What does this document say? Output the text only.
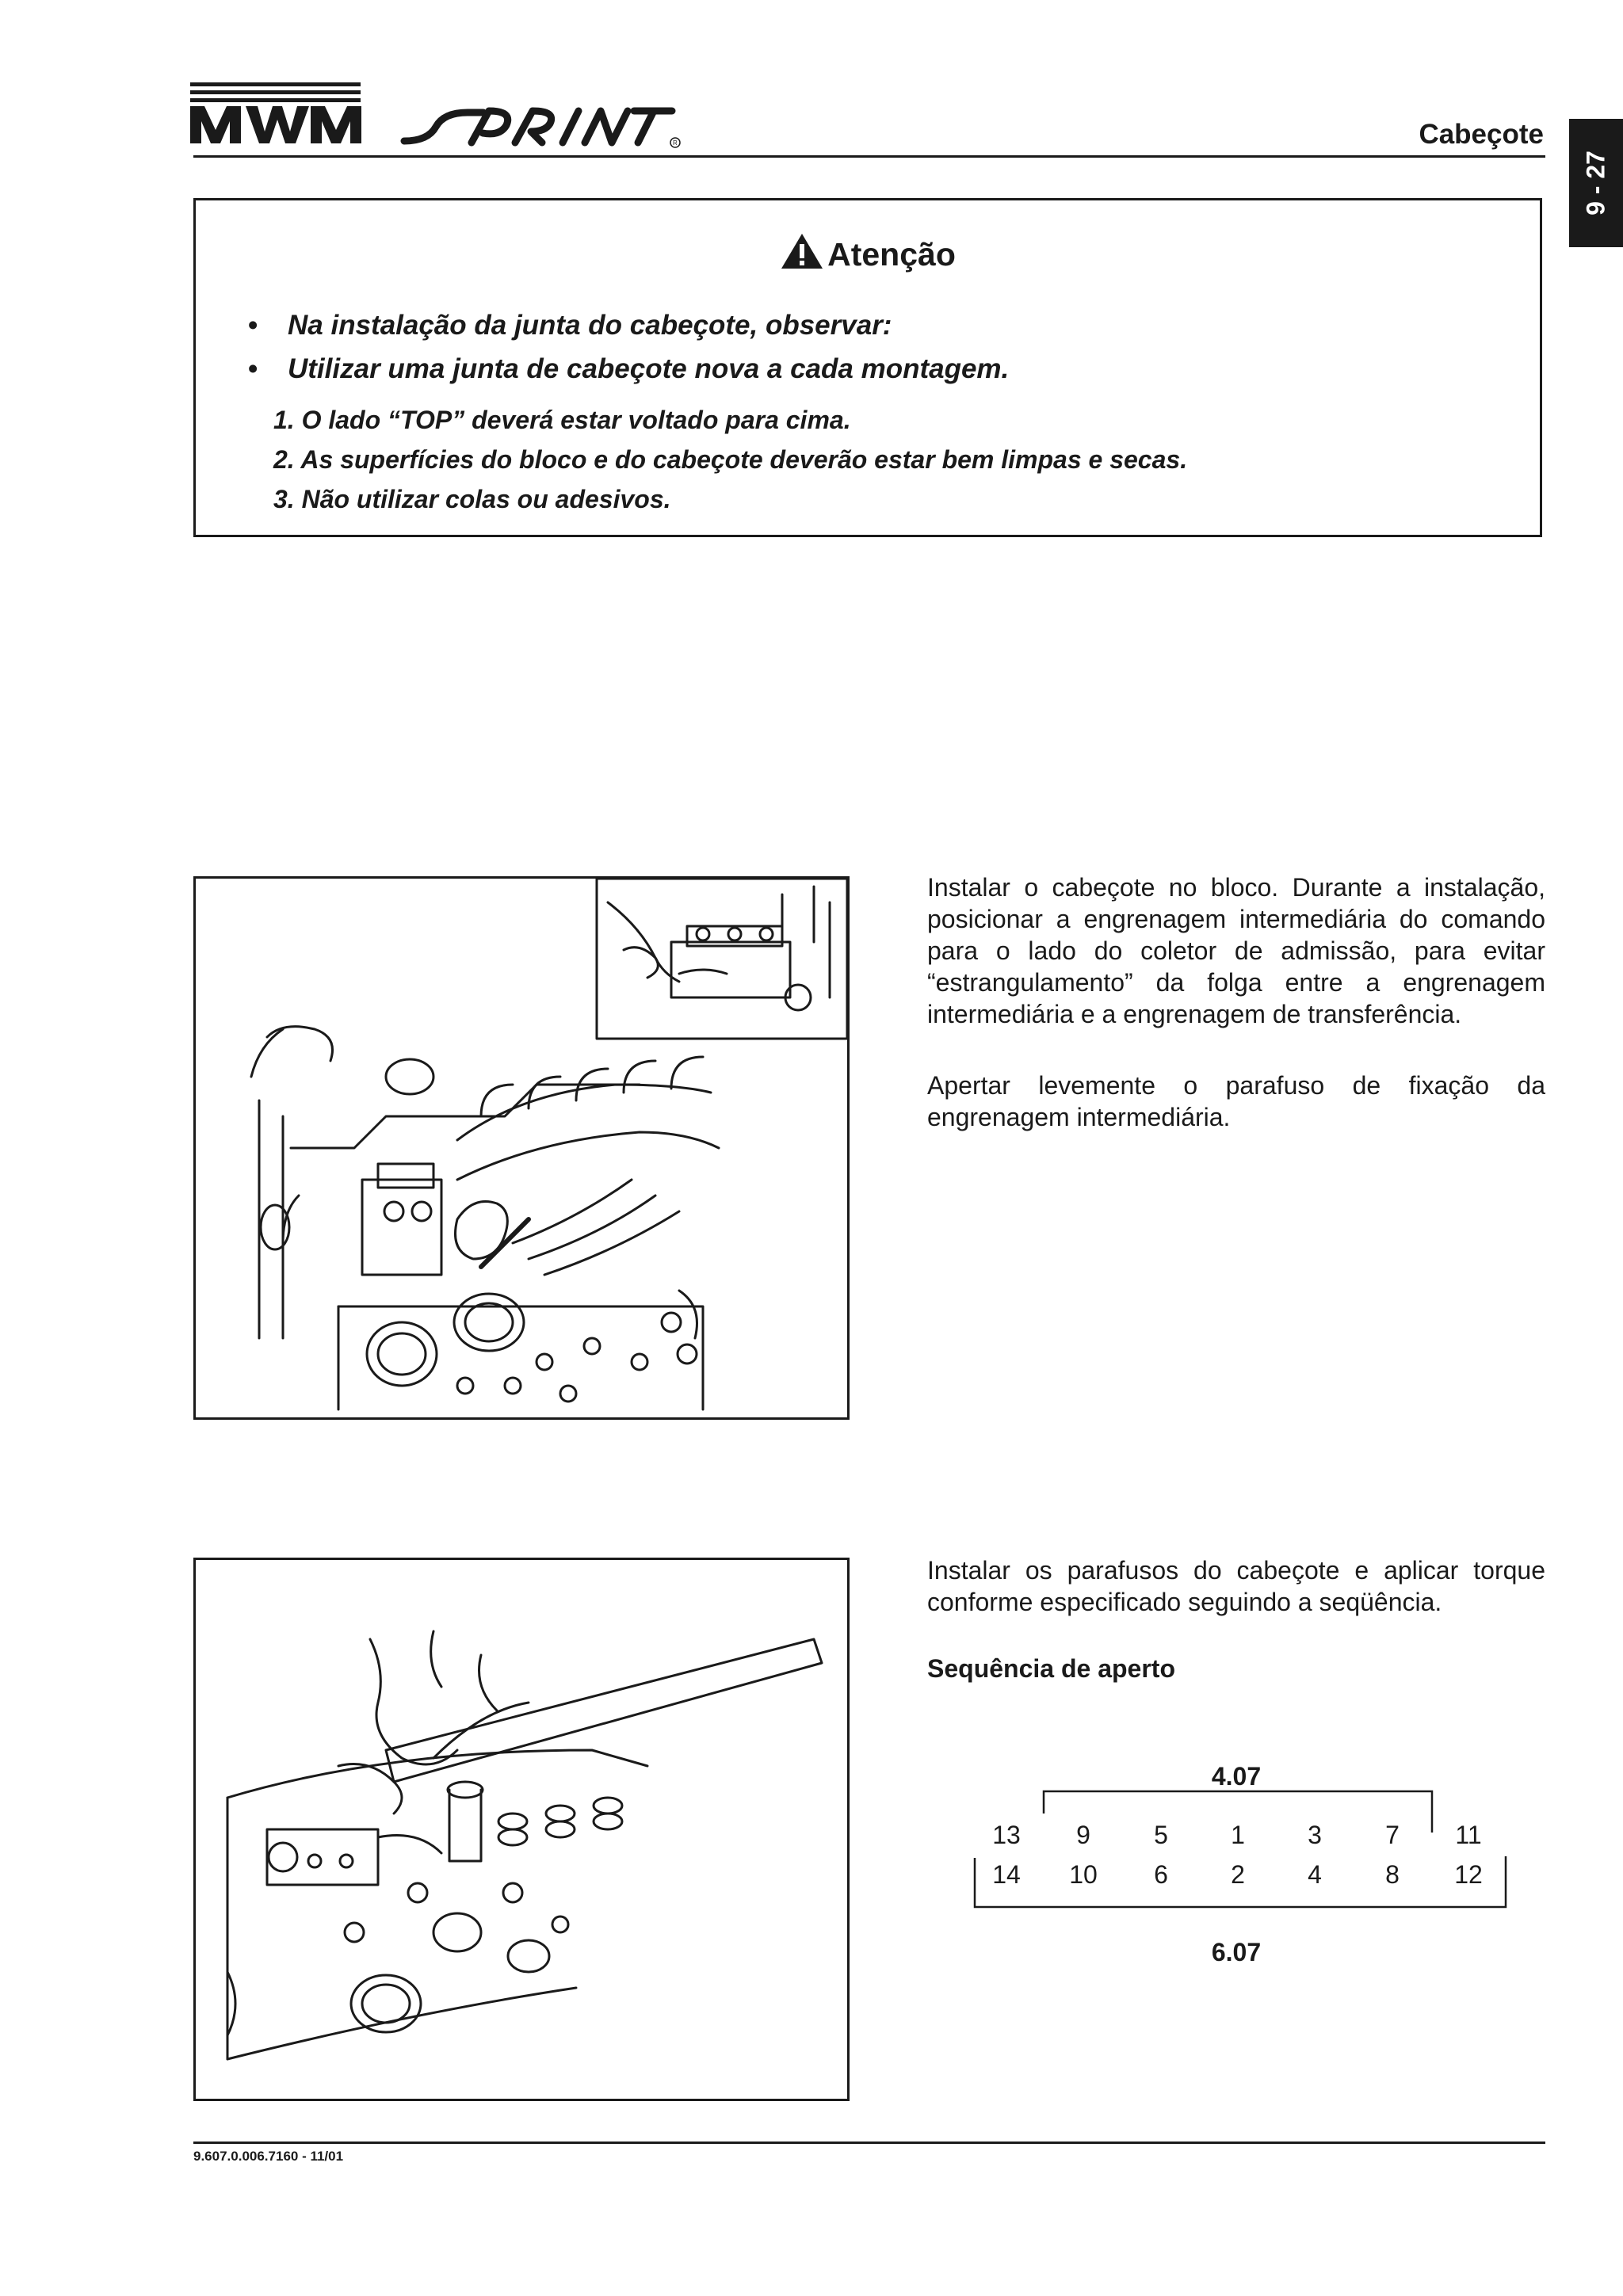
R	Cabeçote
9 - 27
Atenção
•	Na instalação da junta do cabeçote, observar:
•	Utilizar uma junta de cabeçote nova a cada montagem.
1. O lado “TOP” deverá estar voltado para cima.
2. As superfícies do bloco e do cabeçote deverão estar bem limpas e secas.
3. Não utilizar colas ou adesivos.
Instalar o cabeçote no bloco. Durante a instalação, posicionar a engrenagem intermediária do comando para o lado do coletor de admissão, para evitar “estrangulamento” da folga entre a engrenagem intermediária e a engrenagem de transferência.
Apertar levemente o parafuso de fixação da engrenagem intermediária.
Instalar os parafusos do cabeçote e aplicar torque conforme especificado seguindo a seqüência.
Sequência de aperto
4.07
6.07
13 9	5 1 3	7 11
14 10 6 2 4	8 12
9.607.0.006.7160 - 11/01
